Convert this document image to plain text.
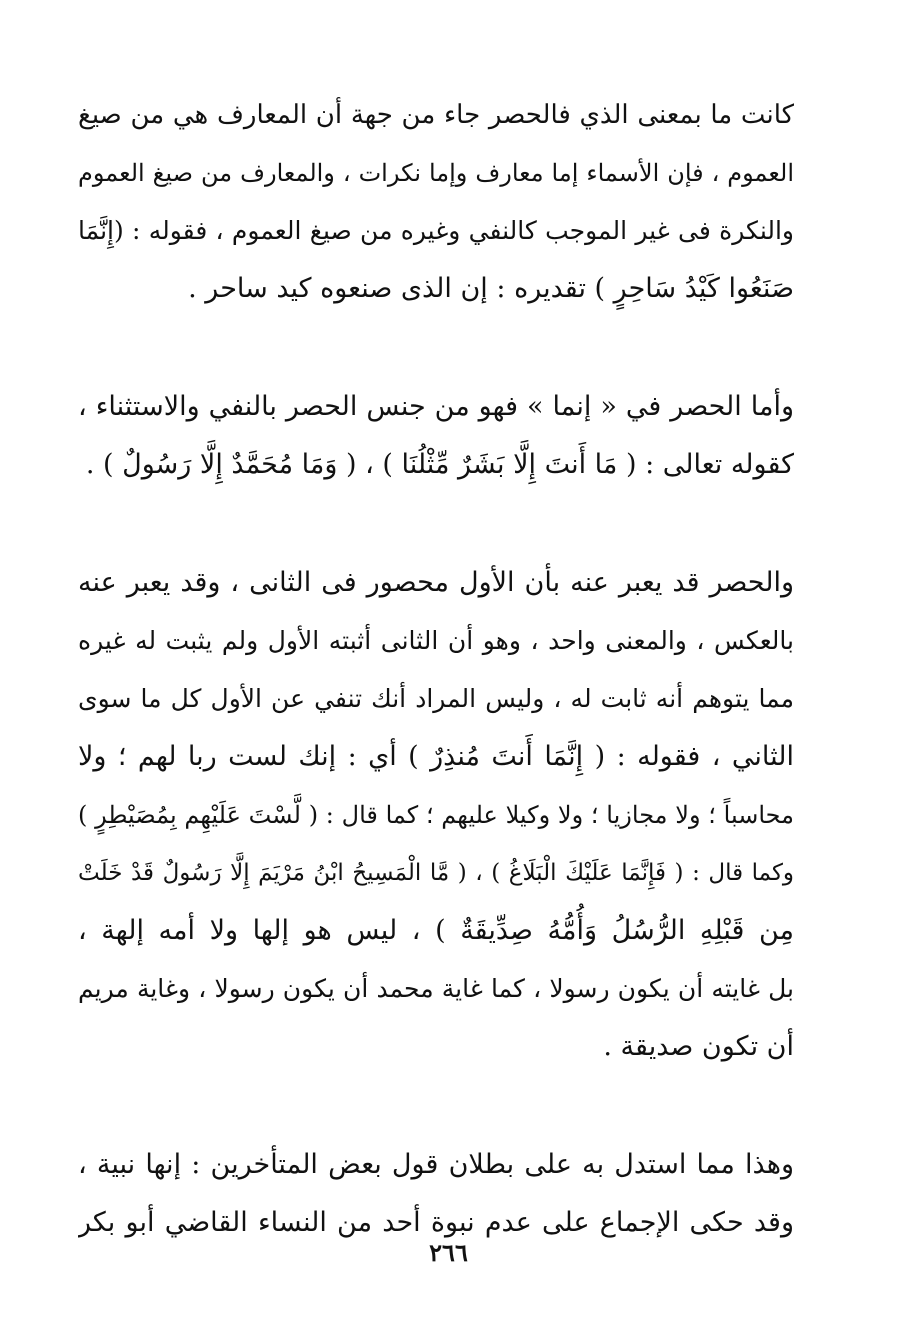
كانت ما بمعنى الذي فالحصر جاء من جهة أن المعارف هي من صيغ
العموم ، فإن الأسماء إما معارف وإما نكرات ، والمعارف من صيغ العموم
والنكرة فى غير الموجب كالنفي وغيره من صيغ العموم ، فقوله : (إِنَّمَا
صَنَعُوا كَيْدُ سَاحِرٍ ) تقديره : إن الذى صنعوه كيد ساحر .
وأما الحصر في « إنما » فهو من جنس الحصر بالنفي والاستثناء ،
كقوله تعالى : ( مَا أَنتَ إِلَّا بَشَرٌ مِّثْلُنَا ) ، ( وَمَا مُحَمَّدٌ إِلَّا رَسُولٌ ) .
والحصر قد يعبر عنه بأن الأول محصور فى الثانى ، وقد يعبر عنه
بالعكس ، والمعنى واحد ، وهو أن الثانى أثبته الأول ولم يثبت له غيره
مما يتوهم أنه ثابت له ، وليس المراد أنك تنفي عن الأول كل ما سوى
الثاني ، فقوله : ( إِنَّمَا أَنتَ مُنذِرٌ ) أي : إنك لست ربا لهم ؛ ولا
محاسباً ؛ ولا مجازيا ؛ ولا وكيلا عليهم ؛ كما قال : ( لَّسْتَ عَلَيْهِم بِمُصَيْطِرٍ )
وكما قال : ( فَإِنَّمَا عَلَيْكَ الْبَلَاغُ ) ، ( مَّا الْمَسِيحُ ابْنُ مَرْيَمَ إِلَّا رَسُولٌ قَدْ خَلَتْ
مِن قَبْلِهِ الرُّسُلُ وَأُمُّهُ صِدِّيقَةٌ ) ، ليس هو إلها ولا أمه إلهة ،
بل غايته أن يكون رسولا ، كما غاية محمد أن يكون رسولا ، وغاية مريم
أن تكون صديقة .
وهذا مما استدل به على بطلان قول بعض المتأخرين : إنها نبية ،
وقد حكى الإجماع على عدم نبوة أحد من النساء القاضي أبو بكر
٢٦٦
